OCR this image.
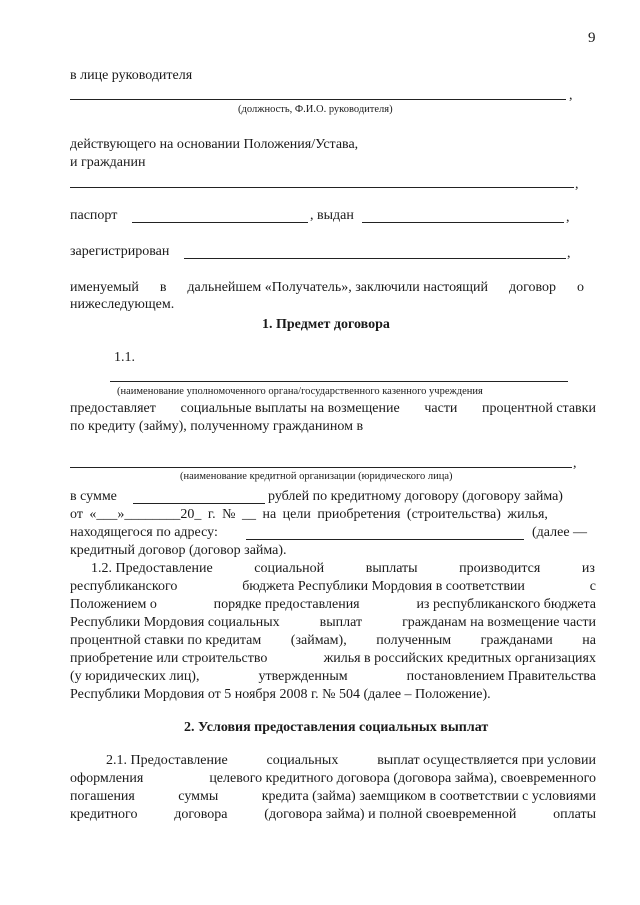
9
в лице руководителя
,
(должность, Ф.И.О. руководителя)
действующего на основании Положения/Устава,
и гражданин
,
паспорт	, выдан	,
зарегистрирован	,
именуемый в дальнейшем «Получатель», заключили настоящий договор о
нижеследующем.
1. Предмет договора
1.1.
(наименование уполномоченного органа/государственного казенного учреждения
предоставляет социальные выплаты на возмещение части процентной ставки
по кредиту (займу), полученному гражданином в
,
(наименование кредитной организации (юридического лица)
в сумме	рублей по кредитному договору (договору займа)
от «___»________20_ г. № __ на цели приобретения (строительства) жилья,
находящегося по адресу:	(далее —
кредитный договор (договор займа).
1.2. Предоставление	социальной	выплаты	производится	из
республиканского	бюджета Республики Мордовия в соответствии	с
Положением о	порядке предоставления	из республиканского бюджета
Республики Мордовия социальных	выплат	гражданам на возмещение части
процентной ставки по кредитам (займам), полученным гражданами на
приобретение или строительство	жилья в российских кредитных организациях
(у юридических лиц),	утвержденным	постановлением Правительства
Республики Мордовия от 5 ноября 2008 г. № 504 (далее – Положение).
2. Условия предоставления социальных выплат
2.1. Предоставление	социальных	выплат осуществляется при условии
оформления	целевого кредитного договора (договора займа), своевременного
погашения	суммы	кредита (займа) заемщиком в соответствии с условиями
кредитного	договора	(договора займа) и полной своевременной	оплаты
